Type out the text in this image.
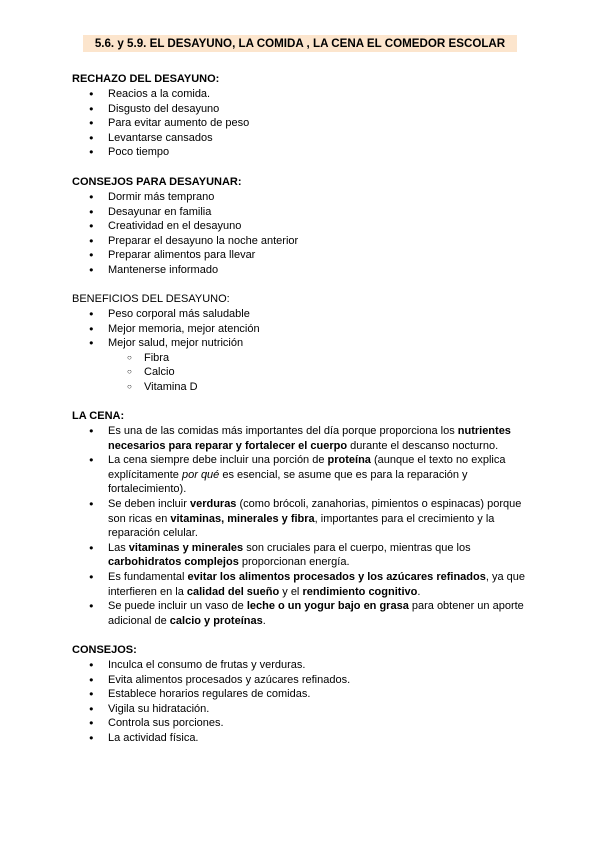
5.6. y 5.9. EL DESAYUNO, LA COMIDA , LA CENA EL COMEDOR ESCOLAR
RECHAZO DEL DESAYUNO:
● Reacios a la comida.
● Disgusto del desayuno
● Para evitar aumento de peso
● Levantarse cansados
● Poco tiempo
CONSEJOS PARA DESAYUNAR:
● Dormir más temprano
● Desayunar en familia
● Creatividad en el desayuno
● Preparar el desayuno la noche anterior
● Preparar alimentos para llevar
● Mantenerse informado
BENEFICIOS DEL DESAYUNO:
● Peso corporal más saludable
● Mejor memoria, mejor atención
● Mejor salud, mejor nutrición
○ Fibra
○ Calcio
○ Vitamina D
LA CENA:
● Es una de las comidas más importantes del día porque proporciona los nutrientes necesarios para reparar y fortalecer el cuerpo durante el descanso nocturno.
● La cena siempre debe incluir una porción de proteína (aunque el texto no explica explícitamente por qué es esencial, se asume que es para la reparación y fortalecimiento).
● Se deben incluir verduras (como brócoli, zanahorias, pimientos o espinacas) porque son ricas en vitaminas, minerales y fibra, importantes para el crecimiento y la reparación celular.
● Las vitaminas y minerales son cruciales para el cuerpo, mientras que los carbohidratos complejos proporcionan energía.
● Es fundamental evitar los alimentos procesados y los azúcares refinados, ya que interfieren en la calidad del sueño y el rendimiento cognitivo.
● Se puede incluir un vaso de leche o un yogur bajo en grasa para obtener un aporte adicional de calcio y proteínas.
CONSEJOS:
● Inculca el consumo de frutas y verduras.
● Evita alimentos procesados y azúcares refinados.
● Establece horarios regulares de comidas.
● Vigila su hidratación.
● Controla sus porciones.
● La actividad física.
